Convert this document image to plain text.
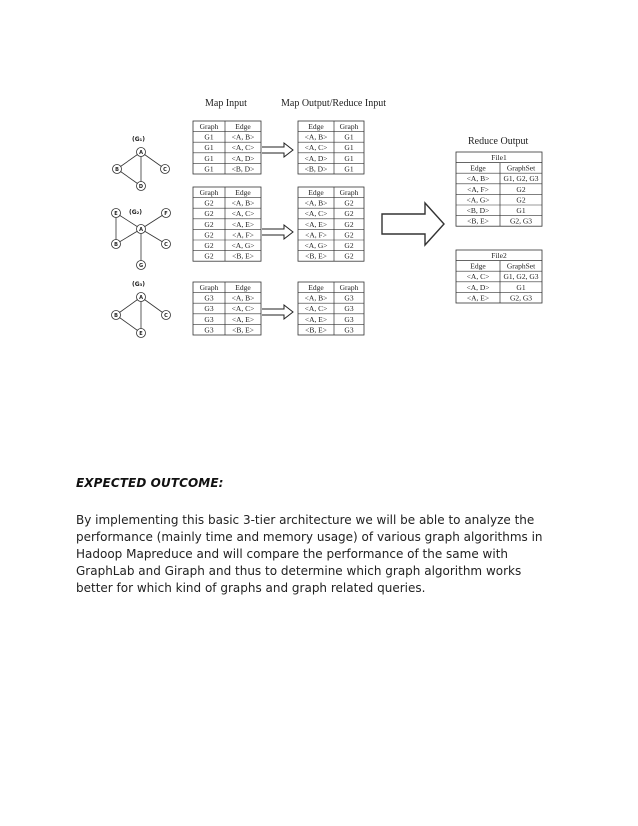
Map Input	Map Output/Reduce Input
Reduce Output
(G₁)
A
B	C
D
(G₂)
E	F
A
B	C
G
(G₃)
A
B	C
E
Graph Edge
G1 <A, B>
G1 <A, C>
G1 <A, D>
G1 <B, D>
Graph Edge
G2 <A, B>
G2 <A, C>
G2 <A, E>
G2 <A, F>
G2 <A, G>
G2 <B, E>
Graph Edge
G3 <A, B>
G3 <A, C>
G3 <A, E>
G3 <B, E>
Edge Graph
<A, B> G1
<A, C> G1
<A, D> G1
<B, D> G1
Edge Graph
<A, B> G2
<A, C> G2
<A, E> G2
<A, F> G2
<A, G> G2
<B, E> G2
Edge Graph
<A, B> G3
<A, C> G3
<A, E> G3
<B, E> G3
File1
Edge	GraphSet
<A, B> G1, G2, G3
<A, F>	G2
<A, G>	G2
<B, D>	G1
<B, E>	G2, G3
File2
Edge	GraphSet
<A, C> G1, G2, G3
<A, D>	G1
<A, E>	G2, G3
EXPECTED OUTCOME:
By implementing this basic 3-tier architecture we will be able to analyze the
performance (mainly time and memory usage) of various graph algorithms in
Hadoop Mapreduce and will compare the performance of the same with
GraphLab and Giraph and thus to determine which graph algorithm works
better for which kind of graphs and graph related queries.
